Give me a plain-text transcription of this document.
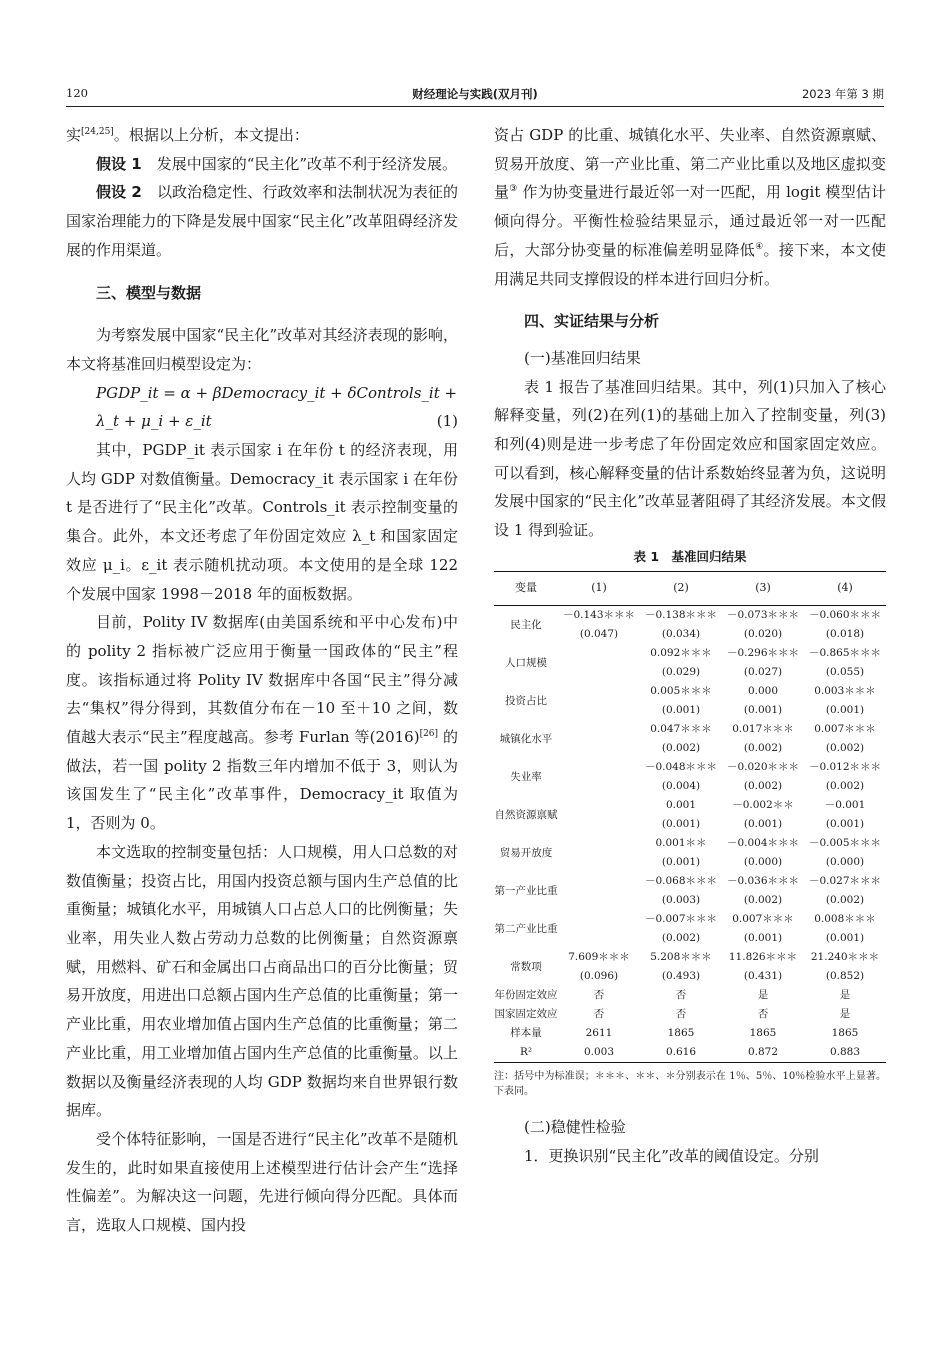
120	财经理论与实践(双月刊)	2023 年第 3 期

实[24,25]。根据以上分析，本文提出：

假设 1　 发展中国家的“民主化”改革不利于经济发展。

假设 2　 以政治稳定性、行政效率和法制状况为表征的国家治理能力的下降是发展中国家“民主化”改革阻碍经济发展的作用渠道。

三、模型与数据

为考察发展中国家“民主化”改革对其经济表现的影响，本文将基准回归模型设定为：

PGDP_it = α + βDemocracy_it + δControls_it +
λ_t + μ_i + ε_it	(1)

其中，PGDP_it 表示国家 i 在年份 t 的经济表现，用人均 GDP 对数值衡量。Democracy_it 表示国家 i 在年份 t 是否进行了“民主化”改革。Controls_it 表示控制变量的集合。此外，本文还考虑了年份固定效应 λ_t 和国家固定效应 μ_i。ε_it 表示随机扰动项。本文使用的是全球 122 个发展中国家 1998－2018 年的面板数据。

目前，Polity IV 数据库(由美国系统和平中心发布)中的 polity 2 指标被广泛应用于衡量一国政体的“民主”程度。该指标通过将 Polity IV 数据库中各国“民主”得分减去“集权”得分得到，其数值分布在－10 至＋10 之间，数值越大表示“民主”程度越高。参考 Furlan 等(2016)[26] 的做法，若一国 polity 2 指数三年内增加不低于 3，则认为该国发生了“民主化”改革事件，Democracy_it 取值为 1，否则为 0。

本文选取的控制变量包括：人口规模，用人口总数的对数值衡量；投资占比，用国内投资总额与国内生产总值的比重衡量；城镇化水平，用城镇人口占总人口的比例衡量；失业率，用失业人数占劳动力总数的比例衡量；自然资源禀赋，用燃料、矿石和金属出口占商品出口的百分比衡量；贸易开放度，用进出口总额占国内生产总值的比重衡量；第一产业比重，用农业增加值占国内生产总值的比重衡量；第二产业比重，用工业增加值占国内生产总值的比重衡量。以上数据以及衡量经济表现的人均 GDP 数据均来自世界银行数据库。

受个体特征影响，一国是否进行“民主化”改革不是随机发生的，此时如果直接使用上述模型进行估计会产生“选择性偏差”。为解决这一问题，先进行倾向得分匹配。具体而言，选取人口规模、国内投

资占 GDP 的比重、城镇化水平、失业率、自然资源禀赋、贸易开放度、第一产业比重、第二产业比重以及地区虚拟变量③ 作为协变量进行最近邻一对一匹配，用 logit 模型估计倾向得分。平衡性检验结果显示，通过最近邻一对一匹配后，大部分协变量的标准偏差明显降低④。接下来，本文使用满足共同支撑假设的样本进行回归分析。

四、实证结果与分析

(一)基准回归结果

表 1 报告了基准回归结果。其中，列(1)只加入了核心解释变量，列(2)在列(1)的基础上加入了控制变量，列(3)和列(4)则是进一步考虑了年份固定效应和国家固定效应。可以看到，核心解释变量的估计系数始终显著为负，这说明发展中国家的“民主化”改革显著阻碍了其经济发展。本文假设 1 得到验证。

表 1　基准回归结果
变量	(1)	(2)	(3)	(4)
民主化	－0.143＊＊＊	－0.138＊＊＊	－0.073＊＊＊	－0.060＊＊＊
	(0.047)	(0.034)	(0.020)	(0.018)
人口规模		0.092＊＊＊	－0.296＊＊＊	－0.865＊＊＊
		(0.029)	(0.027)	(0.055)
投资占比		0.005＊＊＊	0.000	0.003＊＊＊
		(0.001)	(0.001)	(0.001)
城镇化水平		0.047＊＊＊	0.017＊＊＊	0.007＊＊＊
		(0.002)	(0.002)	(0.002)
失业率		－0.048＊＊＊	－0.020＊＊＊	－0.012＊＊＊
		(0.004)	(0.002)	(0.002)
自然资源禀赋		0.001	－0.002＊＊	－0.001
		(0.001)	(0.001)	(0.001)
贸易开放度		0.001＊＊	－0.004＊＊＊	－0.005＊＊＊
		(0.001)	(0.000)	(0.000)
第一产业比重		－0.068＊＊＊	－0.036＊＊＊	－0.027＊＊＊
		(0.003)	(0.002)	(0.002)
第二产业比重		－0.007＊＊＊	0.007＊＊＊	0.008＊＊＊
		(0.002)	(0.001)	(0.001)
常数项	7.609＊＊＊	5.208＊＊＊	11.826＊＊＊	21.240＊＊＊
	(0.096)	(0.493)	(0.431)	(0.852)
年份固定效应	否	否	是	是
国家固定效应	否	否	否	是
样本量	2611	1865	1865	1865
R²	0.003	0.616	0.872	0.883
注：括号中为标准误；＊＊＊、＊＊、＊分别表示在 1％、5％、10％检验水平上显著。下表同。

(二)稳健性检验

1．更换识别“民主化”改革的阈值设定。分别
